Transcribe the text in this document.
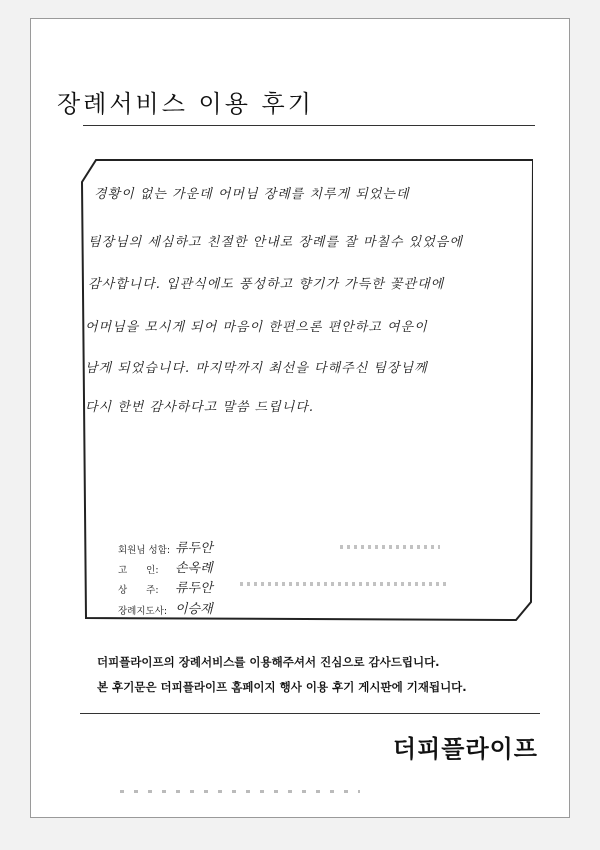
장례서비스 이용 후기
경황이 없는 가운데 어머님 장례를 치루게 되었는데
팀장님의 세심하고 친절한 안내로 장례를 잘 마칠수 있었음에
감사합니다. 입관식에도 풍성하고 향기가 가득한 꽃관대에
어머님을 모시게 되어 마음이 한편으론 편안하고 여운이
남게 되었습니다. 마지막까지 최선을 다해주신 팀장님께
다시 한번 감사하다고 말씀 드립니다.
회원님 성함: 류두안
고　　인: 손옥례
상　　주: 류두안
장례지도사: 이승재
더피플라이프의 장례서비스를 이용해주셔서 진심으로 감사드립니다.
본 후기문은 더피플라이프 홈페이지 행사 이용 후기 게시판에 기재됩니다.
더피플라이프
